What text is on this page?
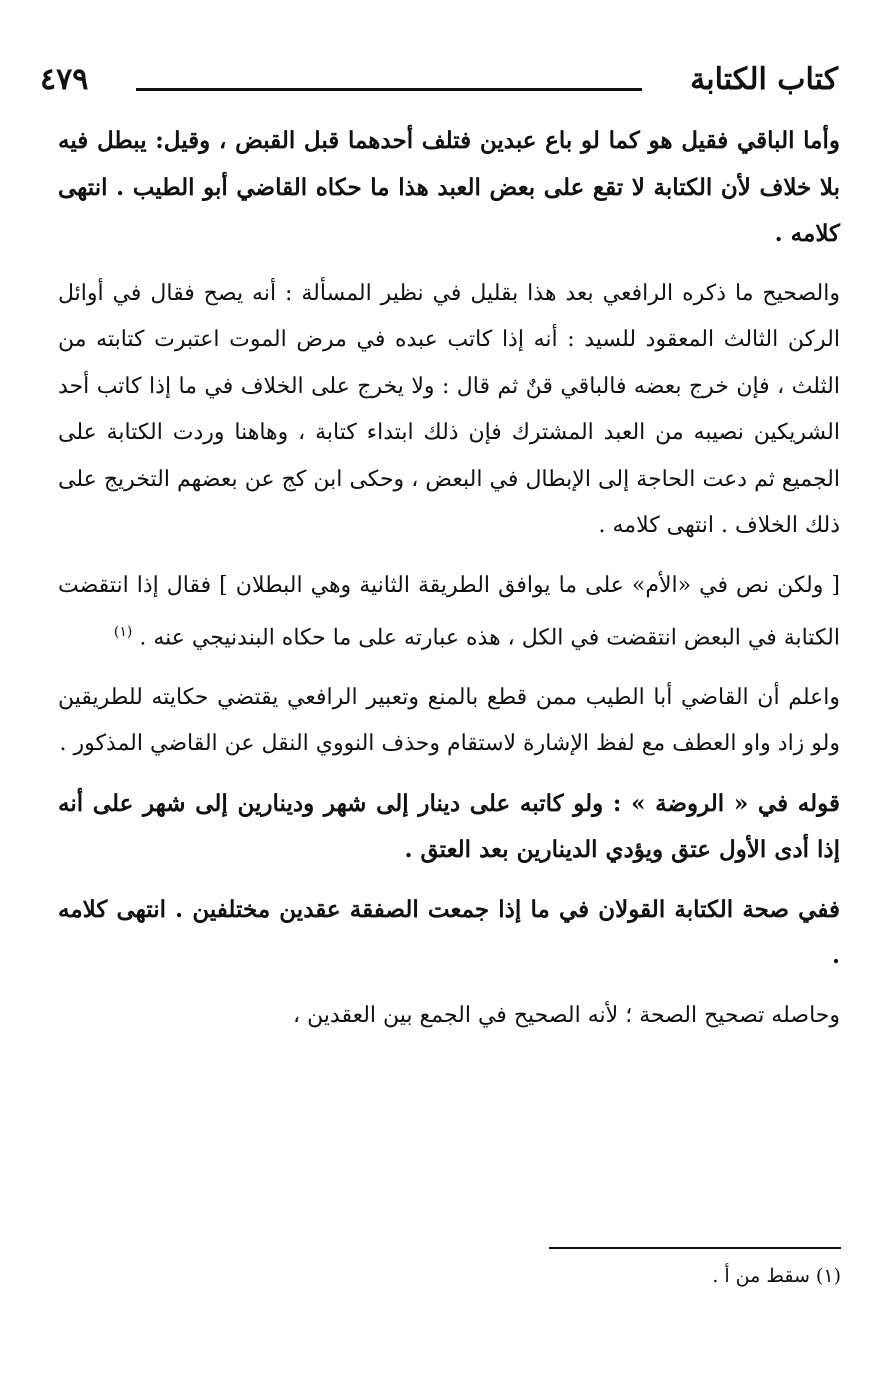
كتاب الكتابة
٤٧٩

وأما الباقي فقيل هو كما لو باع عبدين فتلف أحدهما قبل القبض ، وقيل: يبطل فيه بلا خلاف لأن الكتابة لا تقع على بعض العبد هذا ما حكاه القاضي أبو الطيب . انتهى كلامه .

والصحيح ما ذكره الرافعي بعد هذا بقليل في نظير المسألة : أنه يصح فقال في أوائل الركن الثالث المعقود للسيد : أنه إذا كاتب عبده في مرض الموت اعتبرت كتابته من الثلث ، فإن خرج بعضه فالباقي قنٌ ثم قال : ولا يخرج على الخلاف في ما إذا كاتب أحد الشريكين نصيبه من العبد المشترك فإن ذلك ابتداء كتابة ، وهاهنا وردت الكتابة على الجميع ثم دعت الحاجة إلى الإبطال في البعض ، وحكى ابن كج عن بعضهم التخريج على ذلك الخلاف . انتهى كلامه .

[ ولكن نص في «الأم» على ما يوافق الطريقة الثانية وهي البطلان ] فقال إذا انتقضت الكتابة في البعض انتقضت في الكل ، هذه عبارته على ما حكاه البندنيجي عنه . $^{(١)}$

واعلم أن القاضي أبا الطيب ممن قطع بالمنع وتعبير الرافعي يقتضي حكايته للطريقين ولو زاد واو العطف مع لفظ الإشارة لاستقام وحذف النووي النقل عن القاضي المذكور .

قوله في « الروضة » : ولو كاتبه على دينار إلى شهر ودينارين إلى شهر على أنه إذا أدى الأول عتق ويؤدي الدينارين بعد العتق .

ففي صحة الكتابة القولان في ما إذا جمعت الصفقة عقدين مختلفين . انتهى كلامه .

وحاصله تصحيح الصحة ؛ لأنه الصحيح في الجمع بين العقدين ،

(١) سقط من أ .
